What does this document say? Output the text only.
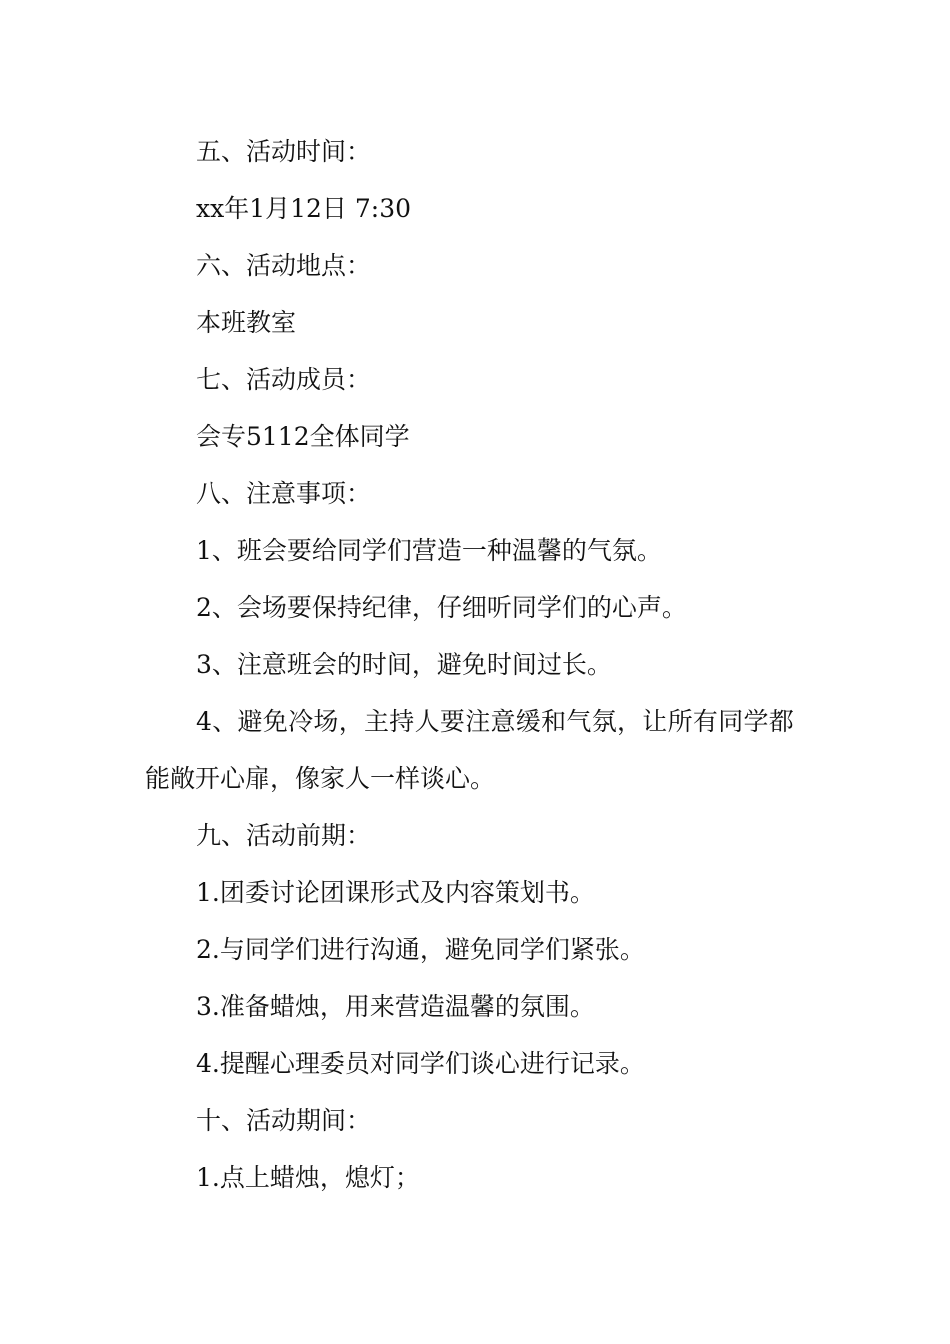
五、活动时间：
xx年1月12日 7:30
六、活动地点：
本班教室
七、活动成员：
会专5112全体同学
八、注意事项：
1、班会要给同学们营造一种温馨的气氛。
2、会场要保持纪律，仔细听同学们的心声。
3、注意班会的时间，避免时间过长。
4、避免冷场，主持人要注意缓和气氛，让所有同学都
能敞开心扉，像家人一样谈心。
九、活动前期：
1.团委讨论团课形式及内容策划书。
2.与同学们进行沟通，避免同学们紧张。
3.准备蜡烛，用来营造温馨的氛围。
4.提醒心理委员对同学们谈心进行记录。
十、活动期间：
1.点上蜡烛，熄灯；
